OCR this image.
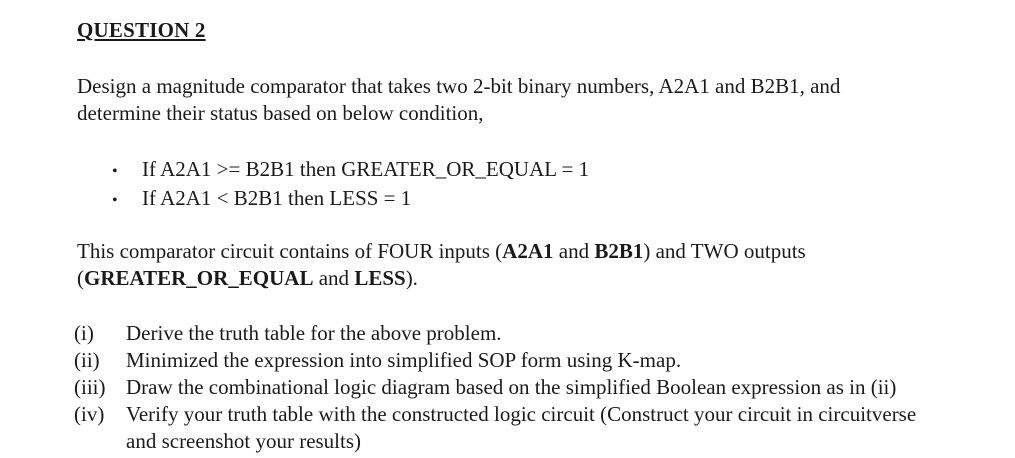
QUESTION 2
Design a magnitude comparator that takes two 2-bit binary numbers, A2A1 and B2B1, and
determine their status based on below condition,
•	If A2A1 >= B2B1 then GREATER_OR_EQUAL = 1
•	If A2A1 < B2B1 then LESS = 1
This comparator circuit contains of FOUR inputs (A2A1 and B2B1) and TWO outputs
(GREATER_OR_EQUAL and LESS).
(i)	Derive the truth table for the above problem.
(ii)	Minimized the expression into simplified SOP form using K-map.
(iii) Draw the combinational logic diagram based on the simplified Boolean expression as in (ii)
(iv)	Verify your truth table with the constructed logic circuit (Construct your circuit in circuitverse
and screenshot your results)
